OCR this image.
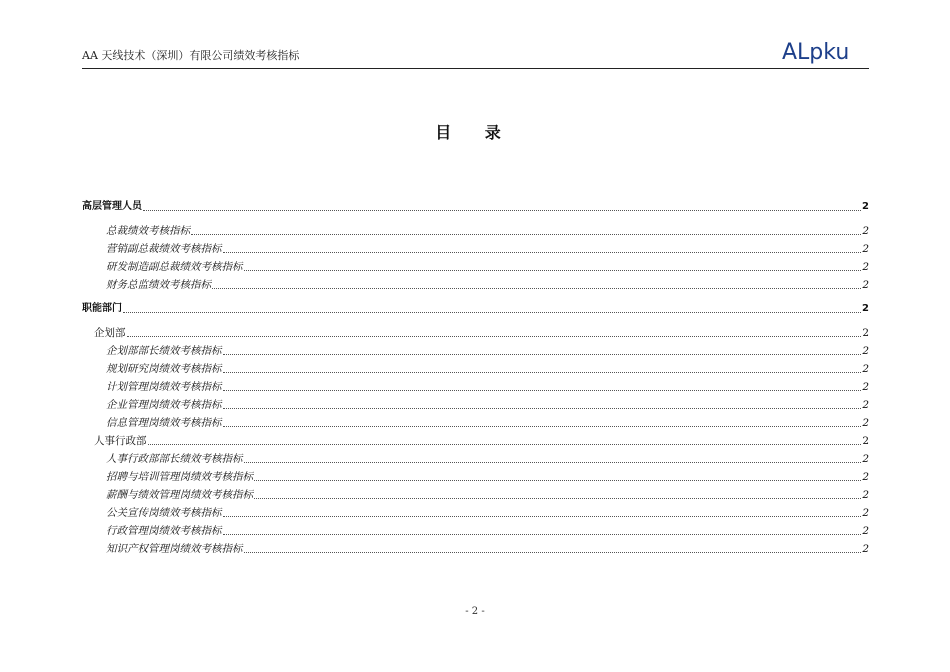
AA 天线技术（深圳）有限公司绩效考核指标	ALpku
目 录
高层管理人员	2
总裁绩效考核指标	2
营销副总裁绩效考核指标	2
研发制造副总裁绩效考核指标	2
财务总监绩效考核指标	2
职能部门	2
企划部	2
企划部部长绩效考核指标	2
规划研究岗绩效考核指标	2
计划管理岗绩效考核指标	2
企业管理岗绩效考核指标	2
信息管理岗绩效考核指标	2
人事行政部	2
人事行政部部长绩效考核指标	2
招聘与培训管理岗绩效考核指标	2
薪酬与绩效管理岗绩效考核指标	2
公关宣传岗绩效考核指标	2
行政管理岗绩效考核指标	2
知识产权管理岗绩效考核指标	2
- 2 -
